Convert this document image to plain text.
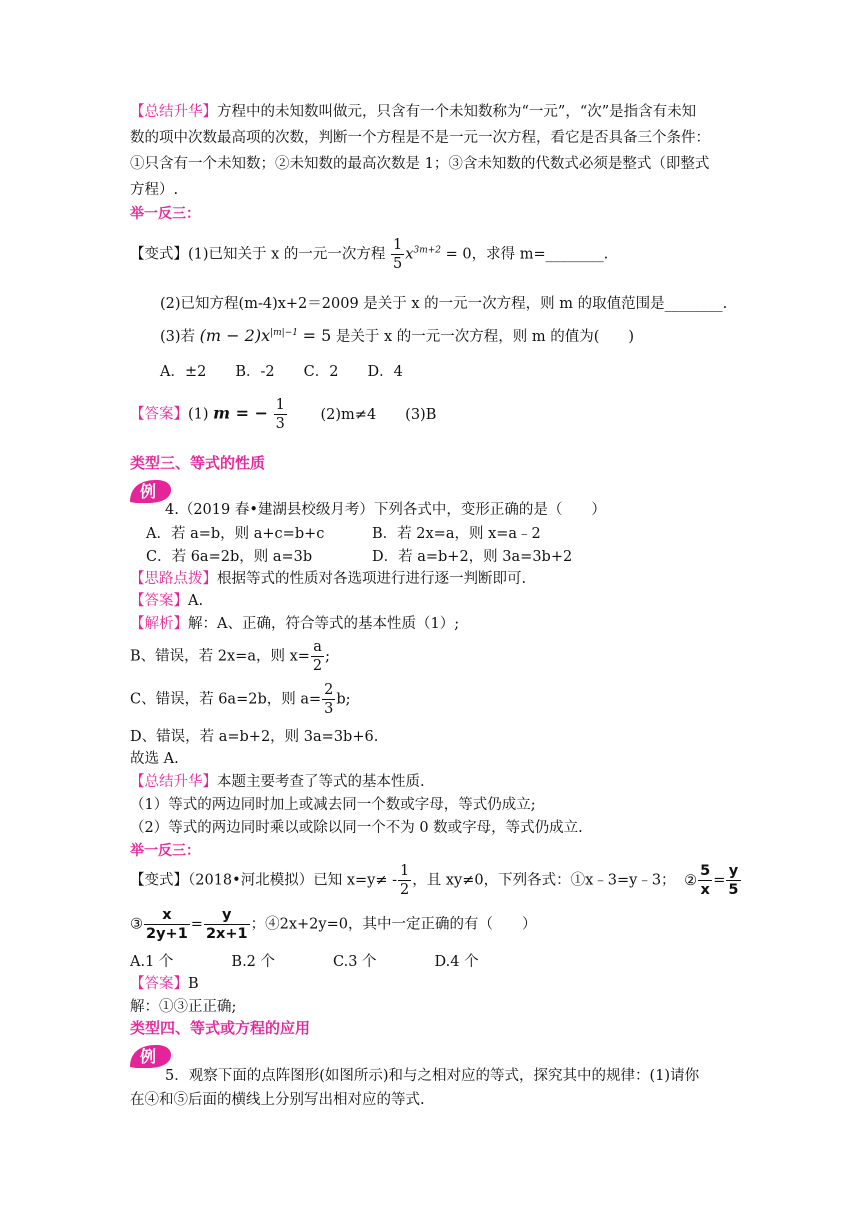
【总结升华】方程中的未知数叫做元，只含有一个未知数称为“一元”，“次”是指含有未知
数的项中次数最高项的次数，判断一个方程是不是一元一次方程，看它是否具备三个条件：
①只含有一个未知数；②未知数的最高次数是 1；③含未知数的代数式必须是整式（即整式
方程）.
举一反三：
【变式】(1)已知关于 x 的一元一次方程 $\frac{1}{5} x^{3m+2} = 0$，求得 m=________.
(2)已知方程(m-4)x+2＝2009 是关于 x 的一元一次方程，则 m 的取值范围是________.
(3)若 $(m - 2)x^{|m|-1} = 5$ 是关于 x 的一元一次方程，则 m 的值为(　　)
A．±2　　B．-2　　C．2　　D．4
【答案】(1) m = − $\frac{1}{3} (2)m\ne 4$　　(3)B
类型三、等式的性质
例
4.（2019 春•建湖县校级月考）下列各式中，变形正确的是（　　）
A．若 a=b，则 a+c=b+c	B．若 2x=a，则 x=a﹣2
C．若 6a=2b，则 a=3b	D．若 a=b+2，则 3a=3b+2
【思路点拨】根据等式的性质对各选项进行进行逐一判断即可.
【答案】A.
【解析】解：A、正确，符合等式的基本性质（1）;
B、错误，若 2x=a，则 $x= \frac{a}{2}$ ;
C、错误，若 6a=2b，则 $a= \frac{2}{3} b$;
D、错误，若 a=b+2，则 3a=3b+6.
故选 A.
【总结升华】本题主要考查了等式的基本性质.
（1）等式的两边同时加上或减去同一个数或字母，等式仍成立;
（2）等式的两边同时乘以或除以同一个不为 0 数或字母，等式仍成立.
举一反三：
【变式】（2018•河北模拟）已知 $x=y\ne - \frac{1}{2}$ ，且 xy≠0，下列各式：①x﹣3=y﹣3； ② $\frac{5}{x} = \frac{y}{5}$
③ $\frac{x}{2y+1} = \frac{y}{2x+1}$ ；④2x+2y=0，其中一定正确的有（　　）
A.1 个　　　　B.2 个　　　　C.3 个　　　　D.4 个
【答案】B
解：①③正正确;
类型四、等式或方程的应用
例
5．观察下面的点阵图形(如图所示)和与之相对应的等式，探究其中的规律：(1)请你
在④和⑤后面的横线上分别写出相对应的等式.
